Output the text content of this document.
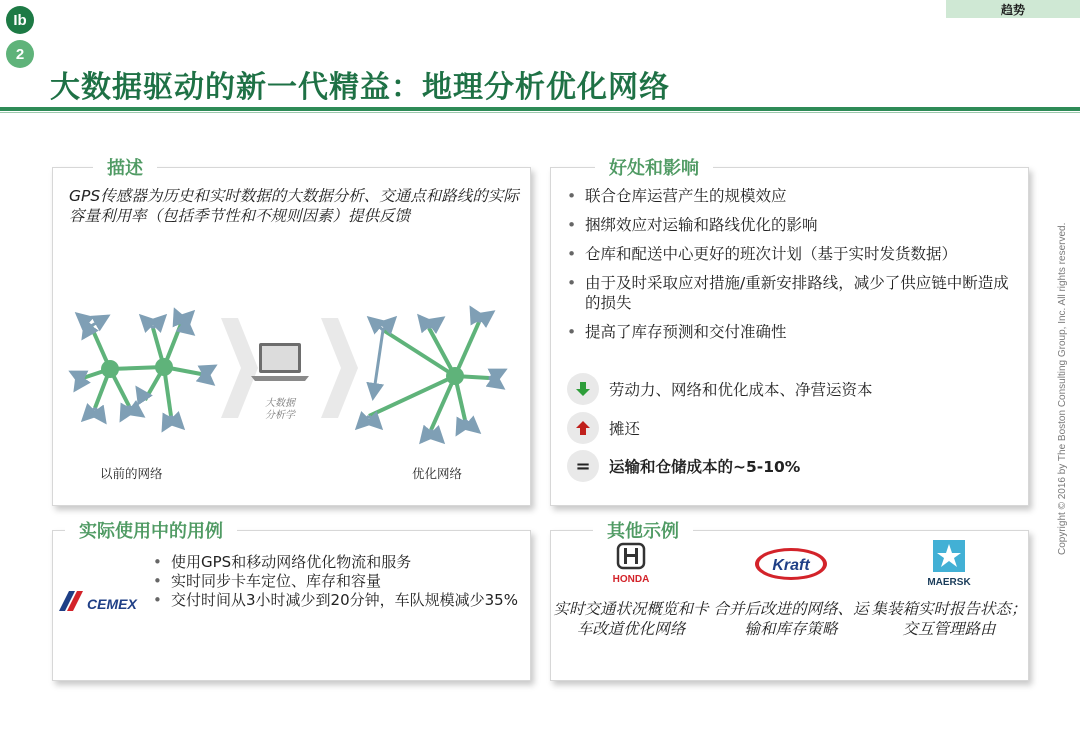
Ib
2
趋势
大数据驱动的新一代精益：地理分析优化网络
Copyright © 2016 by The Boston Consulting Group, Inc. All rights reserved.
描述
GPS传感器为历史和实时数据的大数据分析、交通点和路线的实际容量利用率（包括季节性和不规则因素）提供反馈
大数据
分析学
以前的网络	优化网络
好处和影响
• 联合仓库运营产生的规模效应
• 捆绑效应对运输和路线优化的影响
• 仓库和配送中心更好的班次计划（基于实时发货数据）
• 由于及时采取应对措施/重新安排路线，减少了供应链中断造成的损失
• 提高了库存预测和交付准确性
劳动力、网络和优化成本、净营运资本
摊还
= 运输和仓储成本的~5-10%
实际使用中的用例
CEMEX
• 使用GPS和移动网络优化物流和服务
• 实时同步卡车定位、库存和容量
• 交付时间从3小时减少到20分钟，车队规模减少35%
其他示例
HONDA
实时交通状况概览和卡车改道优化网络
Kraft
合并后改进的网络、运输和库存策略
MAERSK
集装箱实时报告状态；交互管理路由
